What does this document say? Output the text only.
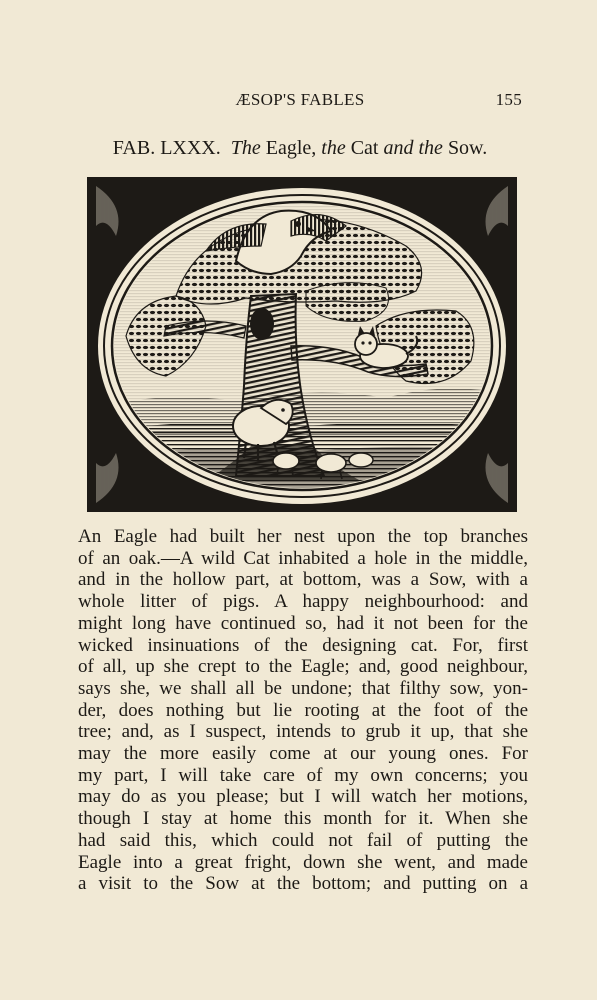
ÆSOP'S FABLES	155
FAB. LXXX. The Eagle, the Cat and the Sow.
An Eagle had built her nest upon the top branches
of an oak.—A wild Cat inhabited a hole in the middle,
and in the hollow part, at bottom, was a Sow, with a
whole litter of pigs. A happy neighbourhood: and
might long have continued so, had it not been for the
wicked insinuations of the designing cat. For, first
of all, up she crept to the Eagle; and, good neighbour,
says she, we shall all be undone; that filthy sow, yon-
der, does nothing but lie rooting at the foot of the
tree; and, as I suspect, intends to grub it up, that she
may the more easily come at our young ones. For
my part, I will take care of my own concerns; you
may do as you please; but I will watch her motions,
though I stay at home this month for it. When she
had said this, which could not fail of putting the
Eagle into a great fright, down she went, and made
a visit to the Sow at the bottom; and putting on a
